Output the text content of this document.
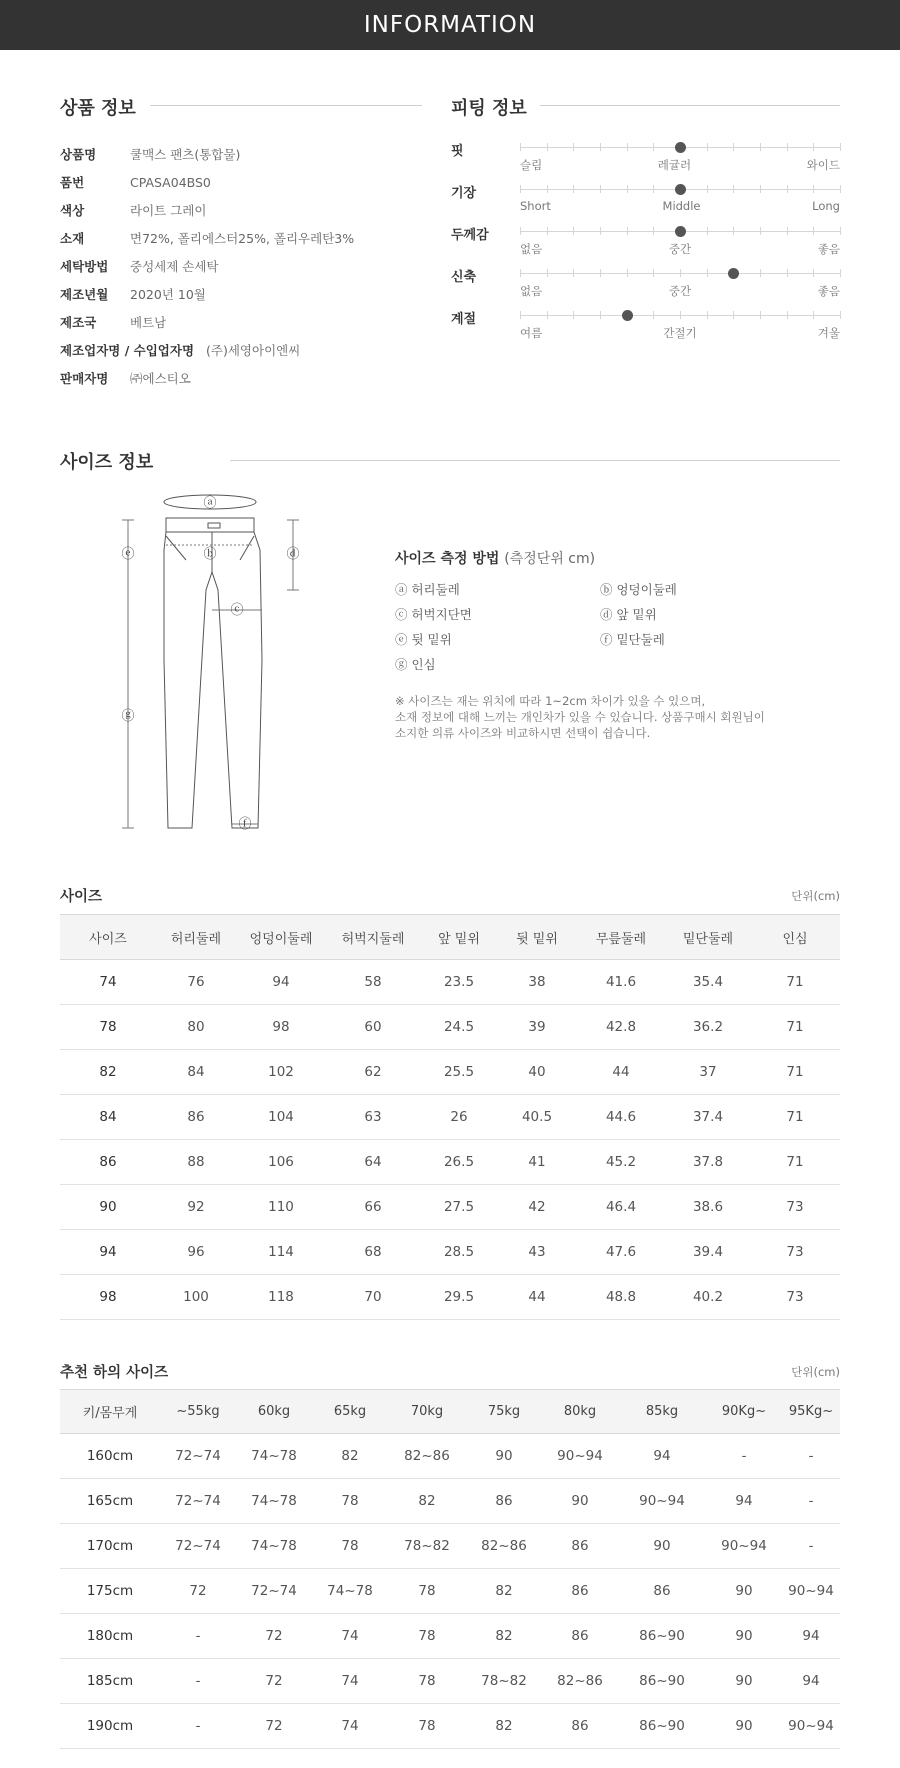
INFORMATION
상품 정보
상품명	쿨맥스 팬츠(통합물)
품번	CPASA04BS0
색상	라이트 그레이
소재	면72%, 폴리에스터25%, 폴리우레탄3%
세탁방법	중성세제 손세탁
제조년월	2020년 10월
제조국	베트남
제조업자명 / 수입업자명 (주)세영아이엔씨
판매자명	㈜에스티오
피팅 정보
핏
슬림	레귤러	와이드
기장
Short	Middle	Long
두께감
없음	중간	좋음
신축
없음	중간	좋음
계절
여름	간절기	겨울
사이즈 정보
ⓐ
ⓑ
ⓒ
ⓓ
ⓔ
ⓕ
ⓖ
사이즈 측정 방법 (측정단위 cm)
ⓐ 허리둘레	ⓑ 엉덩이둘레
ⓒ 허벅지단면	ⓓ 앞 밑위
ⓔ 뒷 밑위	ⓕ 밑단둘레
ⓖ 인심
※ 사이즈는 재는 위치에 따라 1~2cm 차이가 있을 수 있으며,
소재 정보에 대해 느끼는 개인차가 있을 수 있습니다. 상품구매시 회원님이
소지한 의류 사이즈와 비교하시면 선택이 쉽습니다.
사이즈	단위(cm)
사이즈	허리둘레	엉덩이둘레	허벅지둘레	앞 밑위	뒷 밑위	무릎둘레	밑단둘레	인심
74	76	94	58	23.5	38	41.6	35.4	71
78	80	98	60	24.5	39	42.8	36.2	71
82	84	102	62	25.5	40	44	37	71
84	86	104	63	26	40.5	44.6	37.4	71
86	88	106	64	26.5	41	45.2	37.8	71
90	92	110	66	27.5	42	46.4	38.6	73
94	96	114	68	28.5	43	47.6	39.4	73
98	100	118	70	29.5	44	48.8	40.2	73
추천 하의 사이즈	단위(cm)
키/몸무게	~55kg	60kg	65kg	70kg	75kg	80kg	85kg	90Kg~	95Kg~
160cm	72~74	74~78	82	82~86	90	90~94	94	-	-
165cm	72~74	74~78	78	82	86	90	90~94	94	-
170cm	72~74	74~78	78	78~82	82~86	86	90	90~94	-
175cm	72	72~74	74~78	78	82	86	86	90	90~94
180cm	-	72	74	78	82	86	86~90	90	94
185cm	-	72	74	78	78~82	82~86	86~90	90	94
190cm	-	72	74	78	82	86	86~90	90	90~94
